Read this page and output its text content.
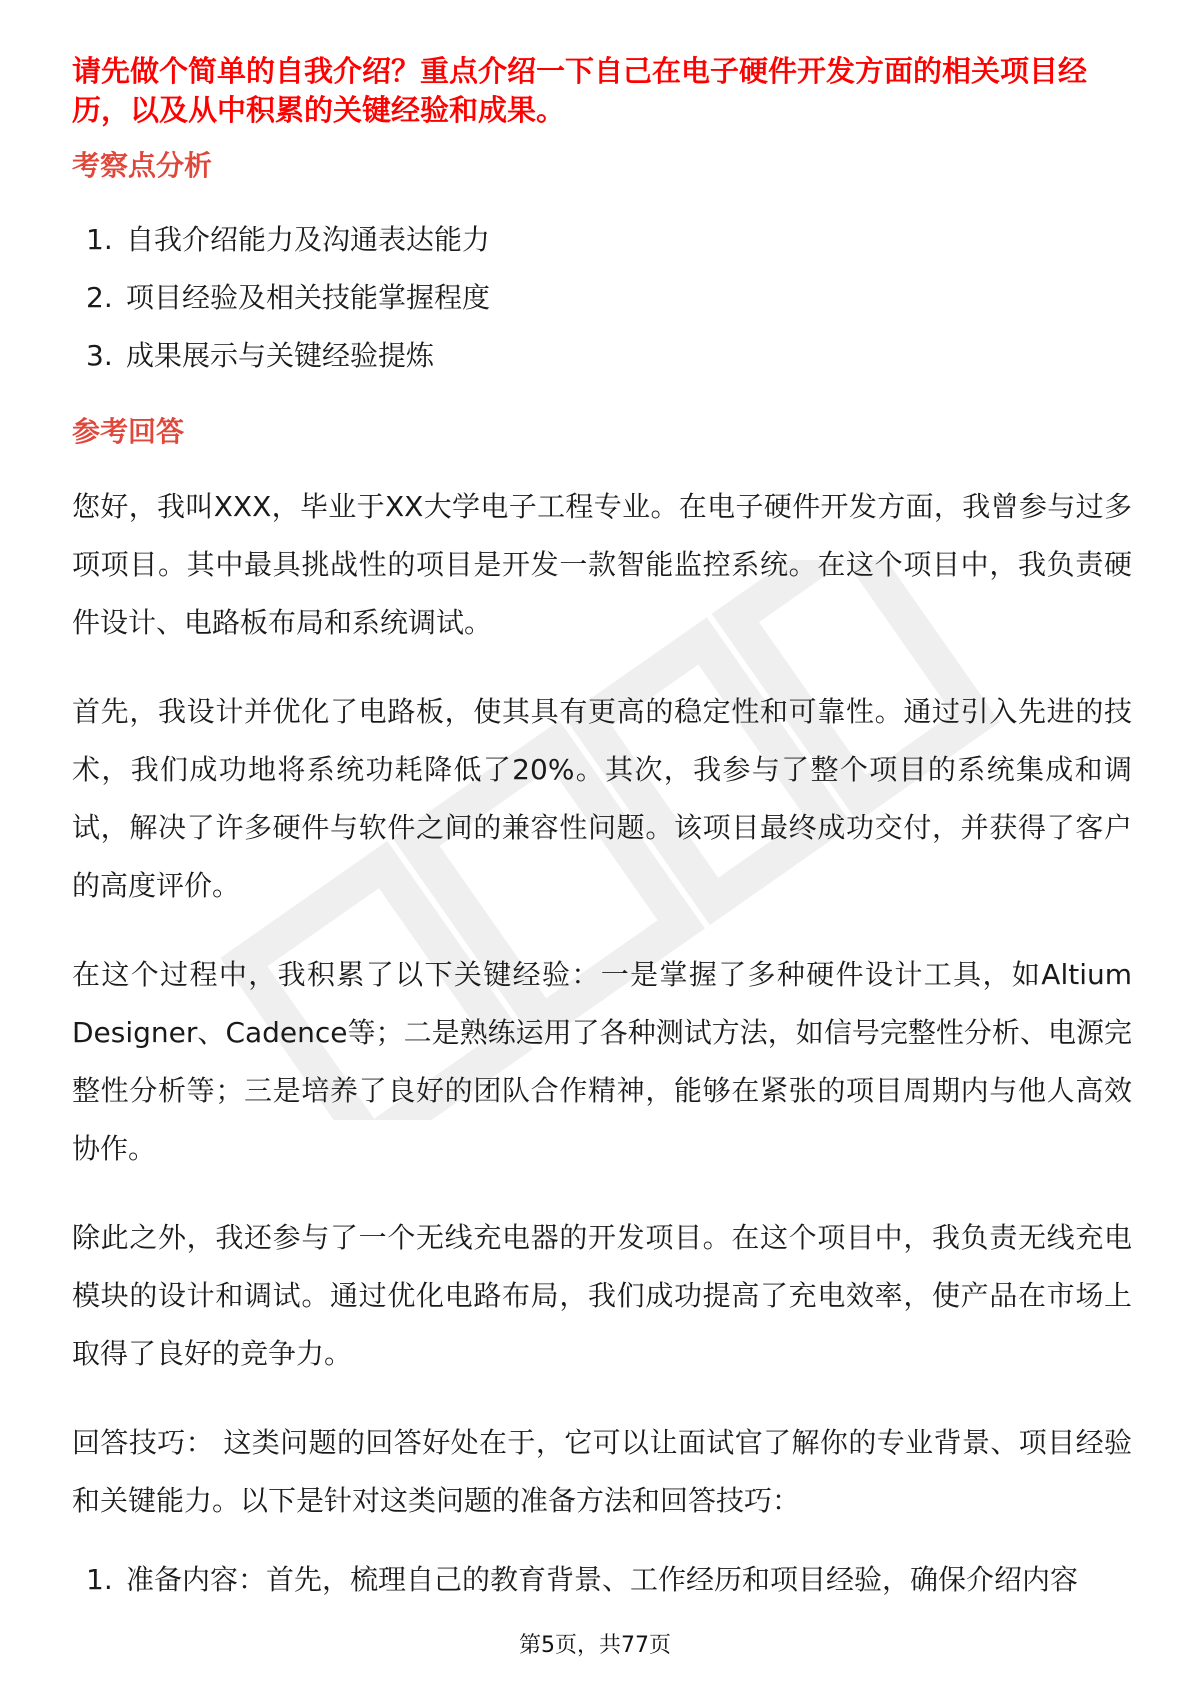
请先做个简单的自我介绍？重点介绍一下自己在电子硬件开发方面的相关项目经历，以及从中积累的关键经验和成果。

考察点分析
1. 自我介绍能力及沟通表达能力
2. 项目经验及相关技能掌握程度
3. 成果展示与关键经验提炼
参考回答

您好，我叫XXX，毕业于XX大学电子工程专业。在电子硬件开发方面，我曾参与过多项项目。其中最具挑战性的项目是开发一款智能监控系统。在这个项目中，我负责硬件设计、电路板布局和系统调试。

首先，我设计并优化了电路板，使其具有更高的稳定性和可靠性。通过引入先进的技术，我们成功地将系统功耗降低了20%。其次，我参与了整个项目的系统集成和调试，解决了许多硬件与软件之间的兼容性问题。该项目最终成功交付，并获得了客户的高度评价。

在这个过程中，我积累了以下关键经验：一是掌握了多种硬件设计工具，如Altium Designer、Cadence等；二是熟练运用了各种测试方法，如信号完整性分析、电源完整性分析等；三是培养了良好的团队合作精神，能够在紧张的项目周期内与他人高效协作。

除此之外，我还参与了一个无线充电器的开发项目。在这个项目中，我负责无线充电模块的设计和调试。通过优化电路布局，我们成功提高了充电效率，使产品在市场上取得了良好的竞争力。

回答技巧： 这类问题的回答好处在于，它可以让面试官了解你的专业背景、项目经验和关键能力。以下是针对这类问题的准备方法和回答技巧：

1. 准备内容：首先，梳理自己的教育背景、工作经历和项目经验，确保介绍内容
第5页，共77页
